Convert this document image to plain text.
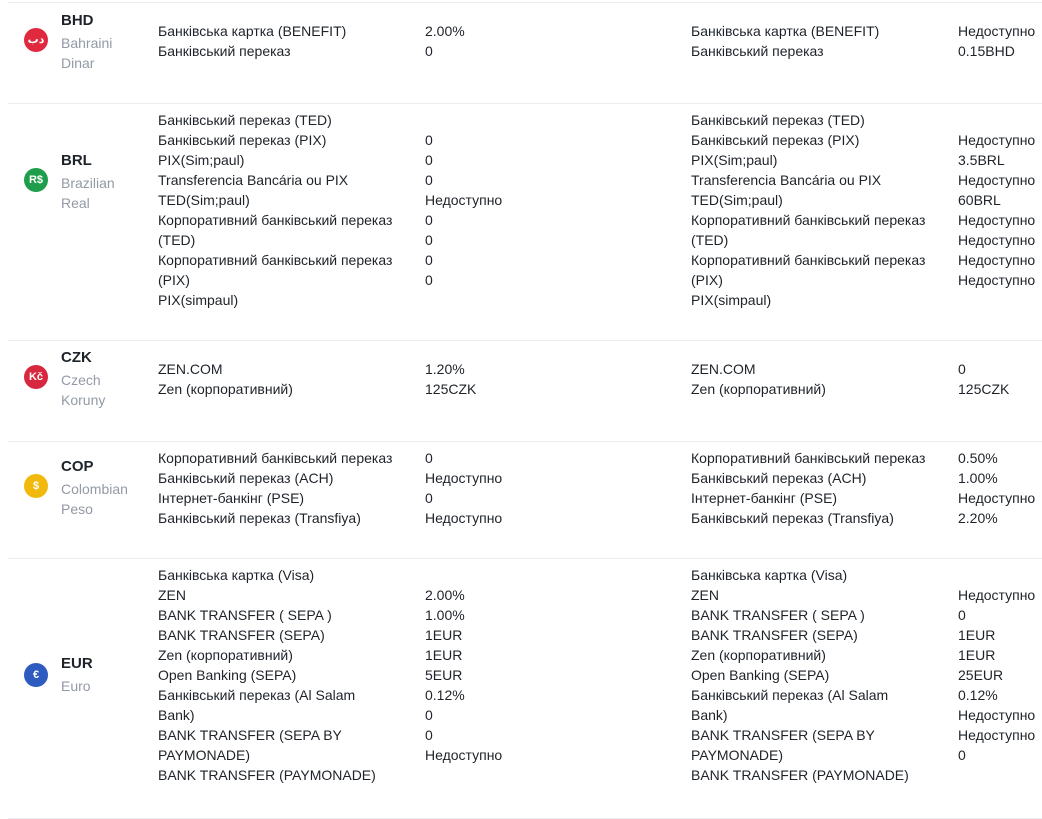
دب
BHD
Bahraini Dinar
Банківська картка (BENEFIT)
Банківський переказ
2.00%
0
Банківська картка (BENEFIT)
Банківський переказ
Недоступно
0.15BHD
R$
BRL
Brazilian Real
Банківський переказ (TED)
Банківський переказ (PIX)
PIX(Sim;paul)
Transferencia Bancária ou PIX
TED(Sim;paul)
Корпоративний банківський переказ
(TED)
Корпоративний банківський переказ
(PIX)
PIX(simpaul)
0
0
0
Недоступно
0
0
0
0
Банківський переказ (TED)
Банківський переказ (PIX)
PIX(Sim;paul)
Transferencia Bancária ou PIX
TED(Sim;paul)
Корпоративний банківський переказ
(TED)
Корпоративний банківський переказ
(PIX)
PIX(simpaul)
Недоступно
3.5BRL
Недоступно
60BRL
Недоступно
Недоступно
Недоступно
Недоступно
Kč
CZK
Czech Koruny
ZEN.COM
Zen (корпоративний)
1.20%
125CZK
ZEN.COM
Zen (корпоративний)
0
125CZK
$
COP
Colombian Peso
Корпоративний банківський переказ
Банківський переказ (ACH)
Інтернет-банкінг (PSE)
Банківський переказ (Transfiya)
0
Недоступно
0
Недоступно
Корпоративний банківський переказ
Банківський переказ (ACH)
Інтернет-банкінг (PSE)
Банківський переказ (Transfiya)
0.50%
1.00%
Недоступно
2.20%
€
EUR
Euro
Банківська картка (Visa)
ZEN
BANK TRANSFER ( SEPA )
BANK TRANSFER (SEPA)
Zen (корпоративний)
Open Banking (SEPA)
Банківський переказ (Al Salam
Bank)
BANK TRANSFER (SEPA BY
PAYMONADE)
BANK TRANSFER (PAYMONADE)
2.00%
1.00%
1EUR
1EUR
5EUR
0.12%
0
0
Недоступно
Банківська картка (Visa)
ZEN
BANK TRANSFER ( SEPA )
BANK TRANSFER (SEPA)
Zen (корпоративний)
Open Banking (SEPA)
Банківський переказ (Al Salam
Bank)
BANK TRANSFER (SEPA BY
PAYMONADE)
BANK TRANSFER (PAYMONADE)
Недоступно
0
1EUR
1EUR
25EUR
0.12%
Недоступно
Недоступно
0
